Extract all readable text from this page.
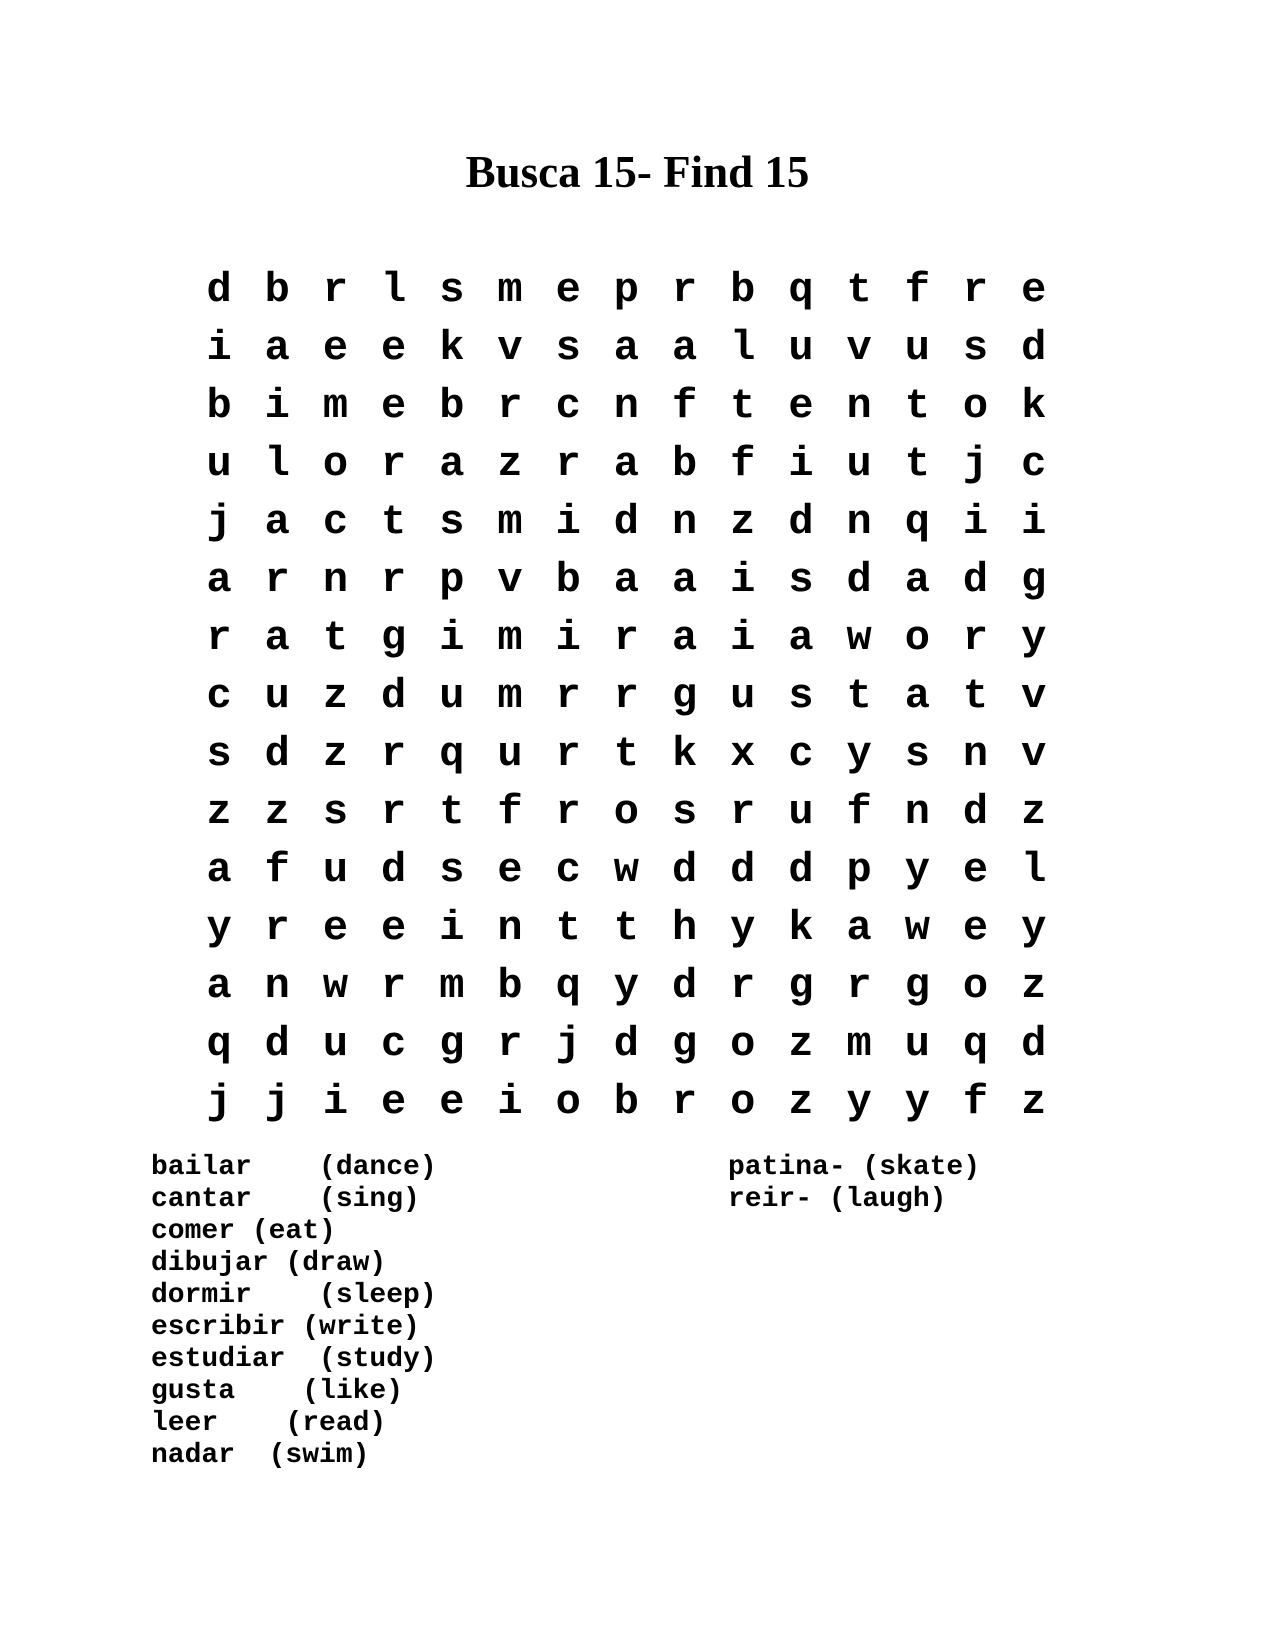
Busca 15- Find 15
d b r l s m e p r b q t f r e
i a e e k v s a a l u v u s d
b i m e b r c n f t e n t o k
u l o r a z r a b f i u t j c
j a c t s m i d n z d n q i i
a r n r p v b a a i s d a d g
r a t g i m i r a i a w o r y
c u z d u m r r g u s t a t v
s d z r q u r t k x c y s n v
z z s r t f r o s r u f n d z
a f u d s e c w d d d p y e l
y r e e i n t t h y k a w e y
a n w r m b q y d r g r g o z
q d u c g r j d g o z m u q d
j j i e e i o b r o z y y f z
bailar    (dance)
cantar    (sing)
comer (eat)
dibujar (draw)
dormir    (sleep)
escribir (write)
estudiar  (study)
gusta    (like)
leer    (read)
nadar  (swim)
patina- (skate)
reir- (laugh)
